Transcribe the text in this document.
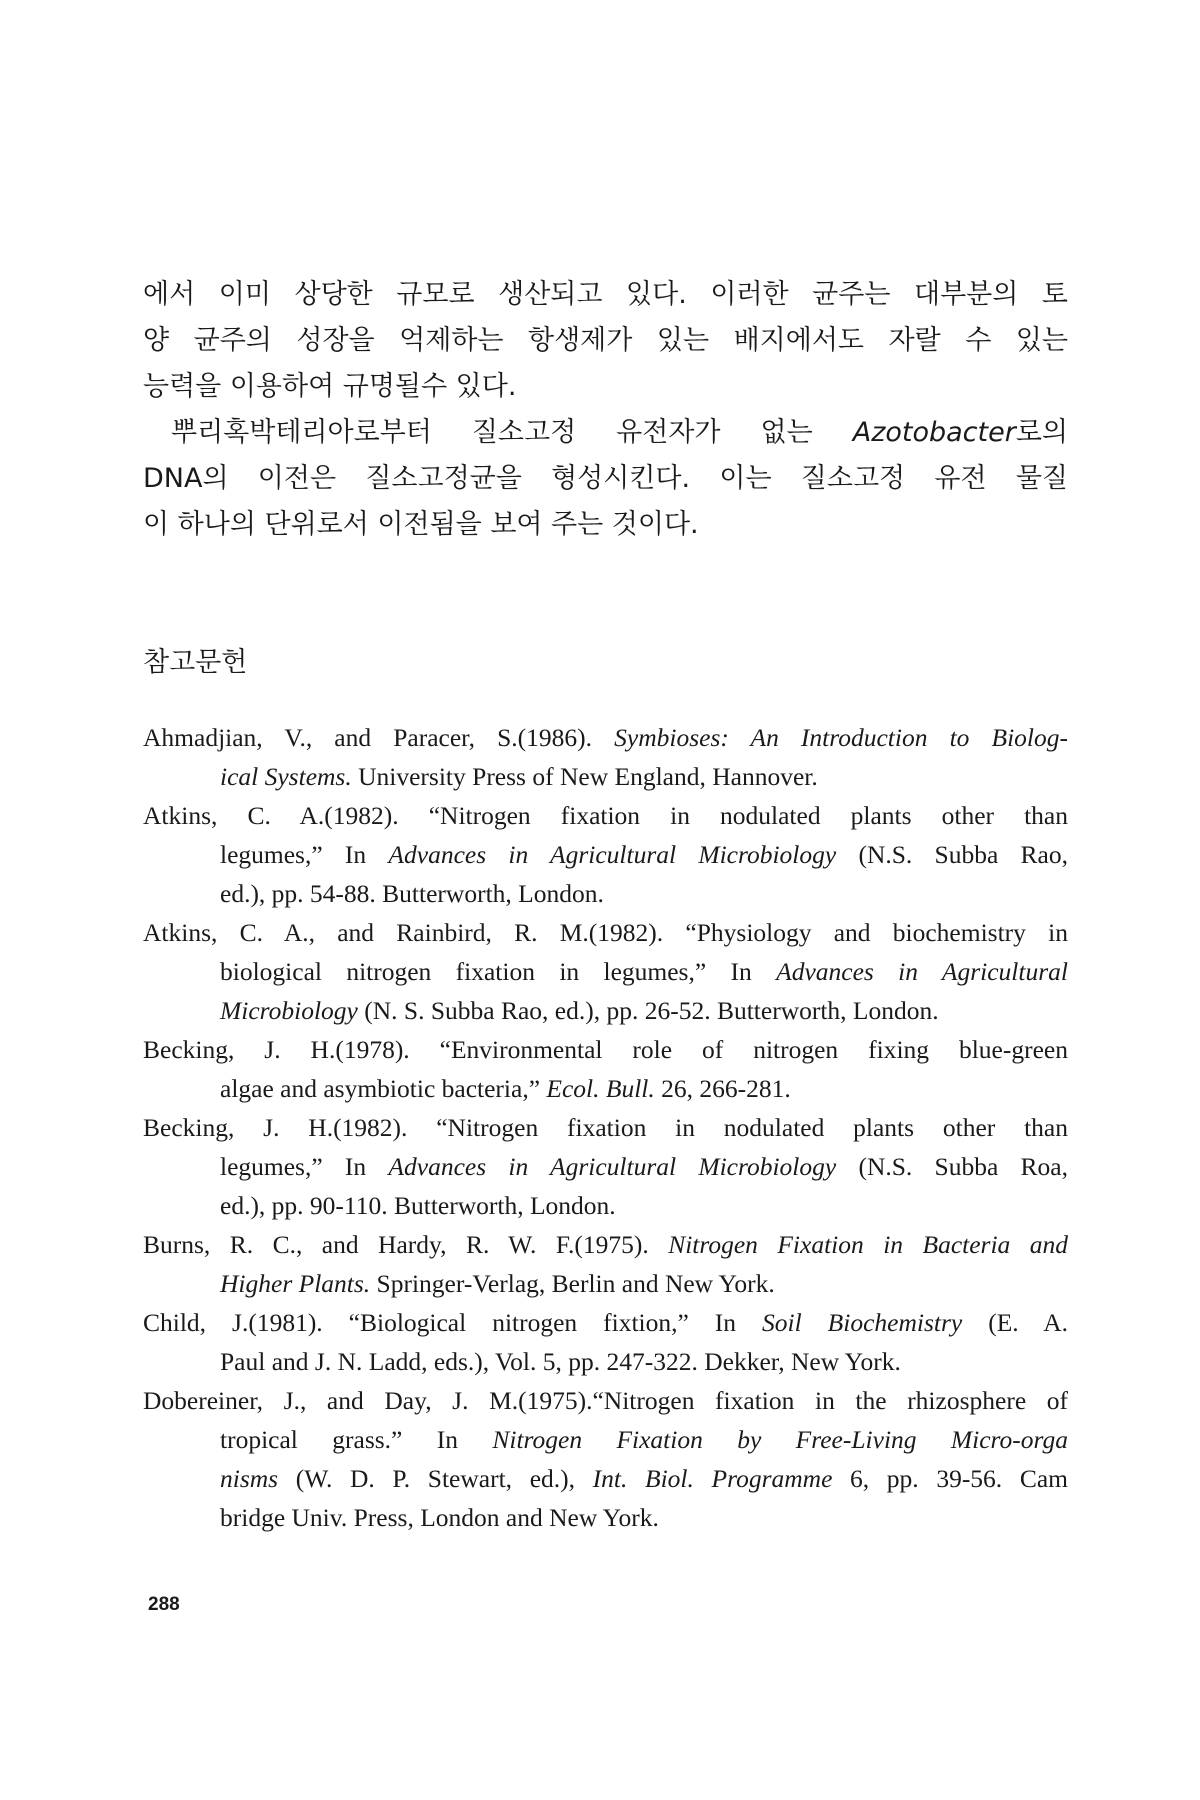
에서 이미 상당한 규모로 생산되고 있다. 이러한 균주는 대부분의 토
양 균주의 성장을 억제하는 항생제가 있는 배지에서도 자랄 수 있는
능력을 이용하여 규명될수 있다.
뿌리혹박테리아로부터 질소고정 유전자가 없는 Azotobacter로의
DNA의 이전은 질소고정균을 형성시킨다. 이는 질소고정 유전 물질
이 하나의 단위로서 이전됨을 보여 주는 것이다.
참고문헌
Ahmadjian, V., and Paracer, S.(1986). Symbioses: An Introduction to Biolog-
ical Systems. University Press of New England, Hannover.
Atkins, C. A.(1982). “Nitrogen fixation in nodulated plants other than
legumes,” In Advances in Agricultural Microbiology (N.S. Subba Rao,
ed.), pp. 54-88. Butterworth, London.
Atkins, C. A., and Rainbird, R. M.(1982). “Physiology and biochemistry in
biological nitrogen fixation in legumes,” In Advances in Agricultural
Microbiology (N. S. Subba Rao, ed.), pp. 26-52. Butterworth, London.
Becking, J. H.(1978). “Environmental role of nitrogen fixing blue-green
algae and asymbiotic bacteria,” Ecol. Bull. 26, 266-281.
Becking, J. H.(1982). “Nitrogen fixation in nodulated plants other than
legumes,” In Advances in Agricultural Microbiology (N.S. Subba Roa,
ed.), pp. 90-110. Butterworth, London.
Burns, R. C., and Hardy, R. W. F.(1975). Nitrogen Fixation in Bacteria and
Higher Plants. Springer-Verlag, Berlin and New York.
Child, J.(1981). “Biological nitrogen fixtion,” In Soil Biochemistry (E. A.
Paul and J. N. Ladd, eds.), Vol. 5, pp. 247-322. Dekker, New York.
Dobereiner, J., and Day, J. M.(1975).“Nitrogen fixation in the rhizosphere of
tropical grass.” In Nitrogen Fixation by Free-Living Micro-orga
nisms (W. D. P. Stewart, ed.), Int. Biol. Programme 6, pp. 39-56. Cam
bridge Univ. Press, London and New York.
288
